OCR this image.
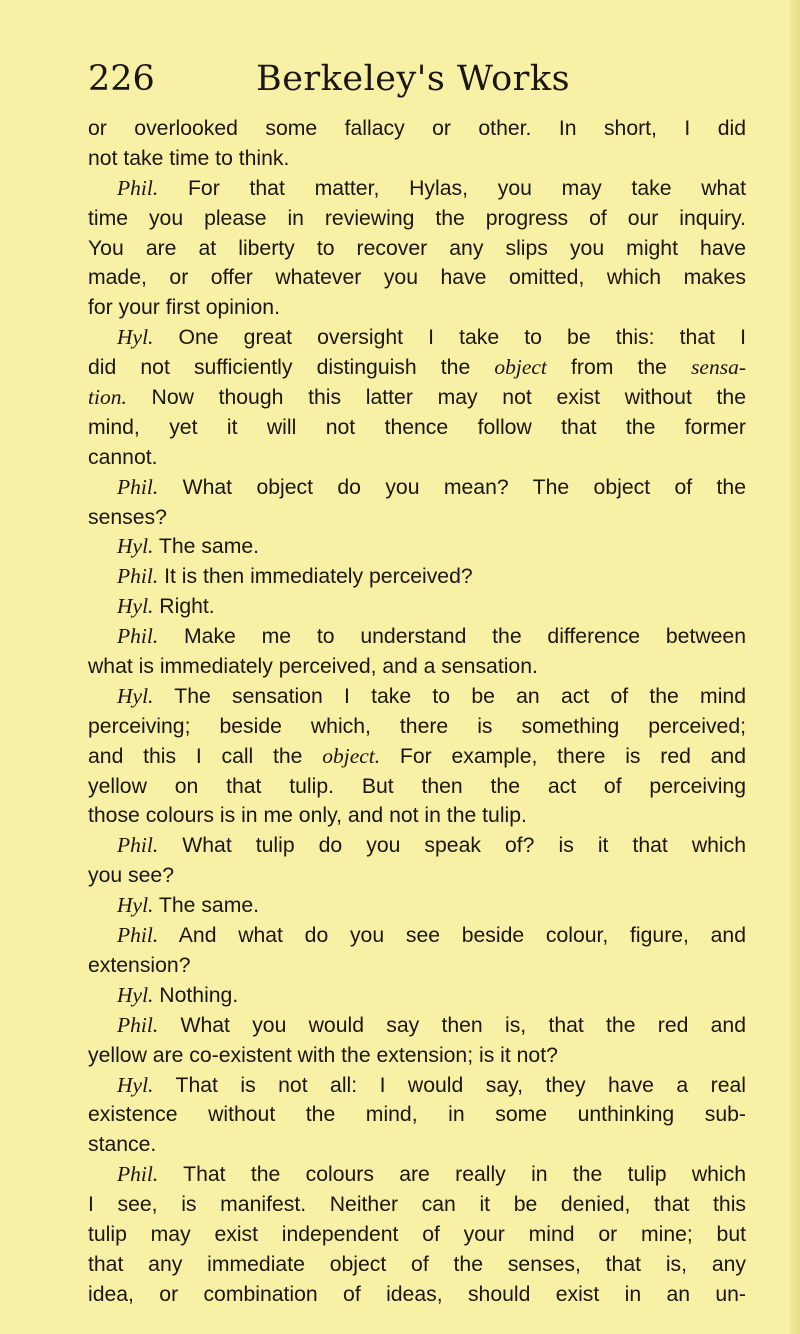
226	Berkeley's Works
or overlooked some fallacy or other. In short, I did
not take time to think.
Phil. For that matter, Hylas, you may take what
time you please in reviewing the progress of our inquiry.
You are at liberty to recover any slips you might have
made, or offer whatever you have omitted, which makes
for your first opinion.
Hyl. One great oversight I take to be this: that I
did not sufficiently distinguish the object from the sensa-
tion. Now though this latter may not exist without the
mind, yet it will not thence follow that the former
cannot.
Phil. What object do you mean? The object of the
senses?
Hyl. The same.
Phil. It is then immediately perceived?
Hyl. Right.
Phil. Make me to understand the difference between
what is immediately perceived, and a sensation.
Hyl. The sensation I take to be an act of the mind
perceiving; beside which, there is something perceived;
and this I call the object. For example, there is red and
yellow on that tulip. But then the act of perceiving
those colours is in me only, and not in the tulip.
Phil. What tulip do you speak of? is it that which
you see?
Hyl. The same.
Phil. And what do you see beside colour, figure, and
extension?
Hyl. Nothing.
Phil. What you would say then is, that the red and
yellow are co-existent with the extension; is it not?
Hyl. That is not all: I would say, they have a real
existence without the mind, in some unthinking sub-
stance.
Phil. That the colours are really in the tulip which
I see, is manifest. Neither can it be denied, that this
tulip may exist independent of your mind or mine; but
that any immediate object of the senses, that is, any
idea, or combination of ideas, should exist in an un-
